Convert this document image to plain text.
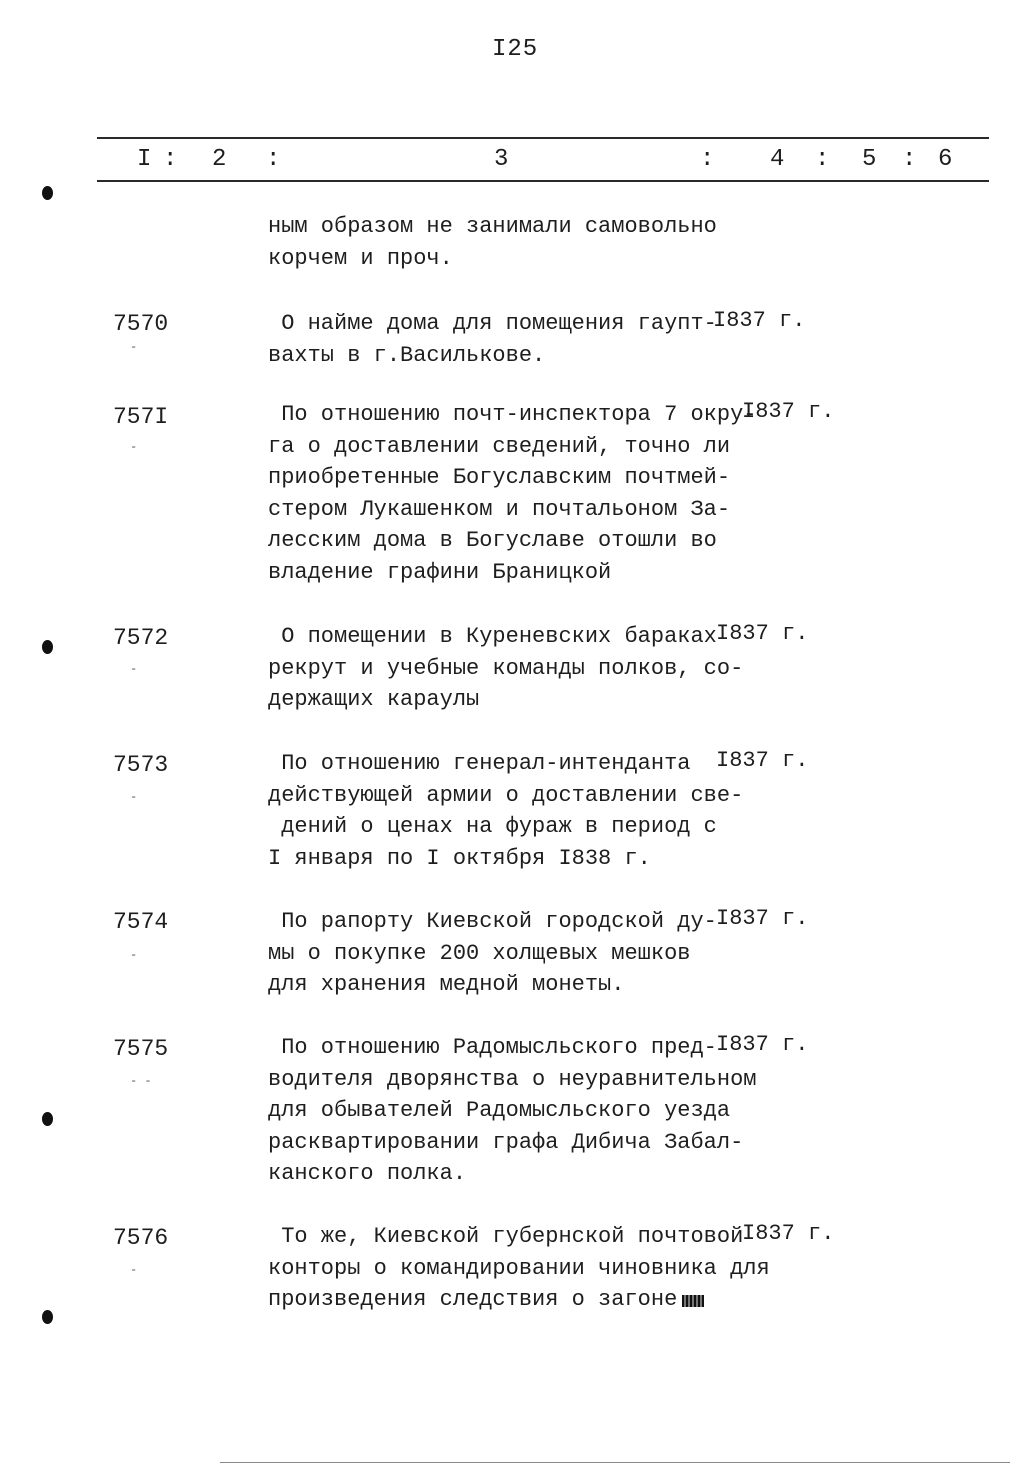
I25
I : 2 :	3	: 4 : 5 : 6
ным образом не занимали самовольно
корчем и проч.
7570	О найме дома для помещения гаупт-
вахты в г.Василькове.
I837 г.
757I	По отношению почт-инспектора 7 окру-
га о доставлении сведений, точно ли
приобретенные Богуславским почтмей-
стером Лукашенком и почтальоном За-
лесским дома в Богуславе отошли во
владение графини Браницкой
I837 г.
7572	О помещении в Куреневских бараках
рекрут и учебные команды полков, со-
держащих караулы
I837 г.
7573	По отношению генерал-интенданта
действующей армии о доставлении све-
дений о ценах на фураж в период с
I января по I октября I838 г.
I837 г.
7574	По рапорту Киевской городской ду-
мы о покупке 200 холщевых мешков
для хранения медной монеты.
I837 г.
7575	По отношению Радомысльского пред-
водителя дворянства о неуравнительном
для обывателей Радомысльского уезда
расквартировании графа Дибича Забал-
канского полка.
I837 г.
7576	То же, Киевской губернской почтовой
конторы о командировании чиновника для
произведения следствия о загоне
I837 г.
-
-
-
-
-
- -
-
